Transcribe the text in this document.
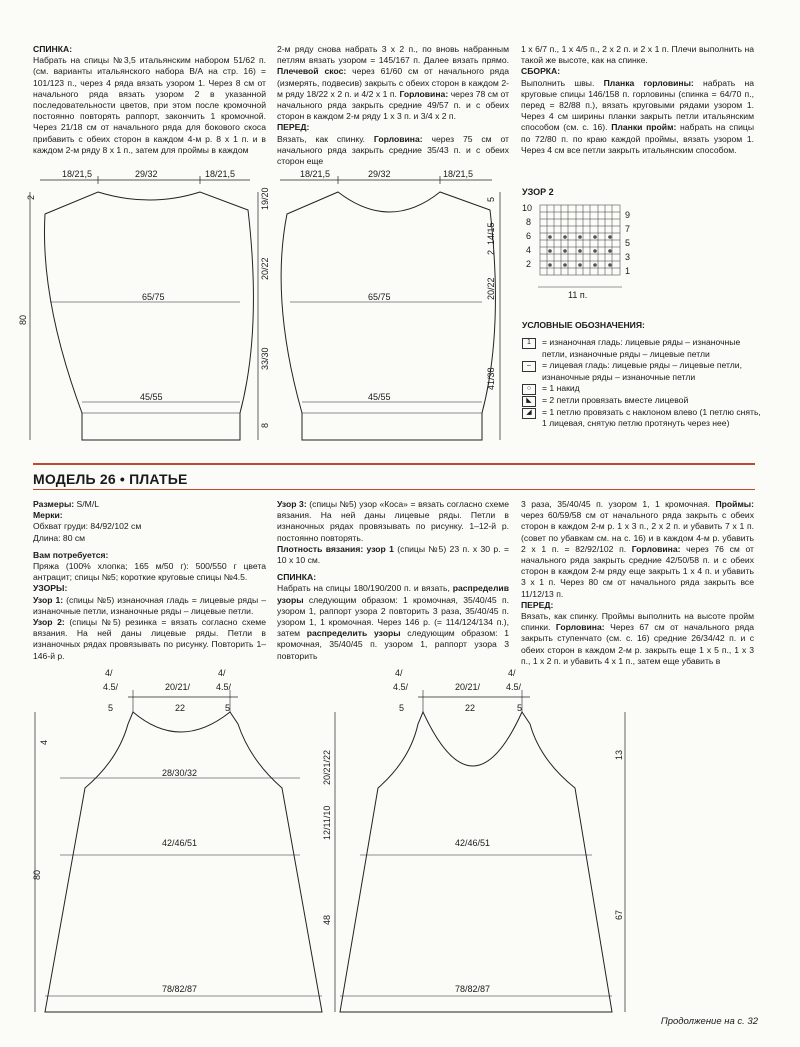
СПИНКА:

Набрать на спицы №3,5 итальянским набором 51/62 п. (см. варианты итальянского набора В/А на стр. 16) = 101/123 п., через 4 ряда вязать узором 1. Через 8 см от начального ряда вязать узором 2 в указанной последовательности цветов, при этом после кромочной постоянно повторять раппорт, закончить 1 кромочной. Через 21/18 см от начального ряда для бокового скоса прибавить с обеих сторон в каждом 4-м р. 8 х 1 п. и в каждом 2-м ряду 8 х 1 п., затем для проймы в каждом

2-м ряду снова набрать 3 х 2 п., по вновь набранным петлям вязать узором = 145/167 п. Далее вязать прямо. Плечевой скос: через 61/60 см от начального ряда (измерять, подвесив) закрыть с обеих сторон в каждом 2-м ряду 18/22 х 2 п. и 4/2 х 1 п. Горловина: через 78 см от начального ряда закрыть средние 49/57 п. и с обеих сторон в каждом 2-м ряду 1 х 3 п. и 3/4 х 2 п.

ПЕРЕД:

Вязать, как спинку. Горловина: через 75 см от начального ряда закрыть средние 35/43 п. и с обеих сторон еще

1 х 6/7 п., 1 х 4/5 п., 2 х 2 п. и 2 х 1 п. Плечи выполнить на такой же высоте, как на спинке.

СБОРКА:

Выполнить швы. Планка горловины: набрать на круговые спицы 146/158 п. горловины (спинка = 64/70 п., перед = 82/88 п.), вязать круговыми рядами узором 1. Через 4 см ширины планки закрыть петли итальянским способом (см. с. 16). Планки пройм: набрать на спицы по 72/80 п. по краю каждой проймы, вязать узором 1. Через 4 см все петли закрыть итальянским способом.

18/21,5	29/32	18/21,5
65/75
45/55
19/20
20/22
33/30
8
2
80
18/21,5	29/32	18/21,5
65/75
45/55
5
14/15
2
20/22
41/38
УЗОР 2
10
8
6
4
2
9
7
5
3
1
11 п.
4/
4.5/
5
20/21/
22
4/
4.5/
5
4
28/30/32
42/46/51
80
78/82/87
4/
4.5/
5
20/21/
22
4/
4.5/
5
13
20/21/22
12/11/10
42/46/51
48	67
78/82/87
УСЛОВНЫЕ ОБОЗНАЧЕНИЯ:
1	= изнаночная гладь: лицевые ряды – изнаночные петли, изнаночные ряды – лицевые петли
–	= лицевая гладь: лицевые ряды – лицевые петли, изнаночные ряды – изнаночные петли
○	= 1 накид
◣	= 2 петли провязать вместе лицевой
◢	= 1 петлю провязать с наклоном влево (1 петлю снять, 1 лицевая, снятую петлю протянуть через нее)
МОДЕЛЬ 26 • ПЛАТЬЕ

Размеры: S/M/L

Мерки:

Обхват груди: 84/92/102 см

Длина: 80 см

Вам потребуется:

Пряжа (100% хлопка; 165 м/50 г): 500/550 г цвета антрацит; спицы №5; короткие круговые спицы №4.5.

УЗОРЫ:

Узор 1: (спицы №5) изнаночная гладь = лицевые ряды – изнаночные петли, изнаночные ряды – лицевые петли.

Узор 2: (спицы №5) резинка = вязать согласно схеме вязания. На ней даны лицевые ряды. Петли в изнаночных рядах провязывать по рисунку. Повторить 1–146-й р.

Узор 3: (спицы №5) узор «Коса» = вязать согласно схеме вязания. На ней даны лицевые ряды. Петли в изнаночных рядах провязывать по рисунку. 1–12-й р. постоянно повторять.

Плотность вязания: узор 1 (спицы №5) 23 п. х 30 р. = 10 х 10 см.

СПИНКА:

Набрать на спицы 180/190/200 п. и вязать, распределив узоры следующим образом: 1 кромочная, 35/40/45 п. узором 1, раппорт узора 2 повторить 3 раза, 35/40/45 п. узором 1, 1 кромочная. Через 146 р. (= 114/124/134 п.), затем распределить узоры следующим образом: 1 кромочная, 35/40/45 п. узором 1, раппорт узора 3 повторить

3 раза, 35/40/45 п. узором 1, 1 кромочная. Проймы: через 60/59/58 см от начального ряда закрыть с обеих сторон в каждом 2-м р. 1 х 3 п., 2 х 2 п. и убавить 7 х 1 п. (совет по убавкам см. на с. 16) и в каждом 4-м р. убавить 2 х 1 п. = 82/92/102 п. Горловина: через 76 см от начального ряда закрыть средние 42/50/58 п. и с обеих сторон в каждом 2-м ряду еще закрыть 1 х 4 п. и убавить 3 х 1 п. Через 80 см от начального ряда закрыть все 11/12/13 п.

ПЕРЕД:

Вязать, как спинку. Проймы выполнить на высоте пройм спинки. Горловина: Через 67 см от начального ряда закрыть ступенчато (см. с. 16) средние 26/34/42 п. и с обеих сторон в каждом 2-м р. закрыть еще 1 х 5 п., 1 х 3 п., 1 х 2 п. и убавить 4 х 1 п., затем еще убавить в

Продолжение на с. 32
